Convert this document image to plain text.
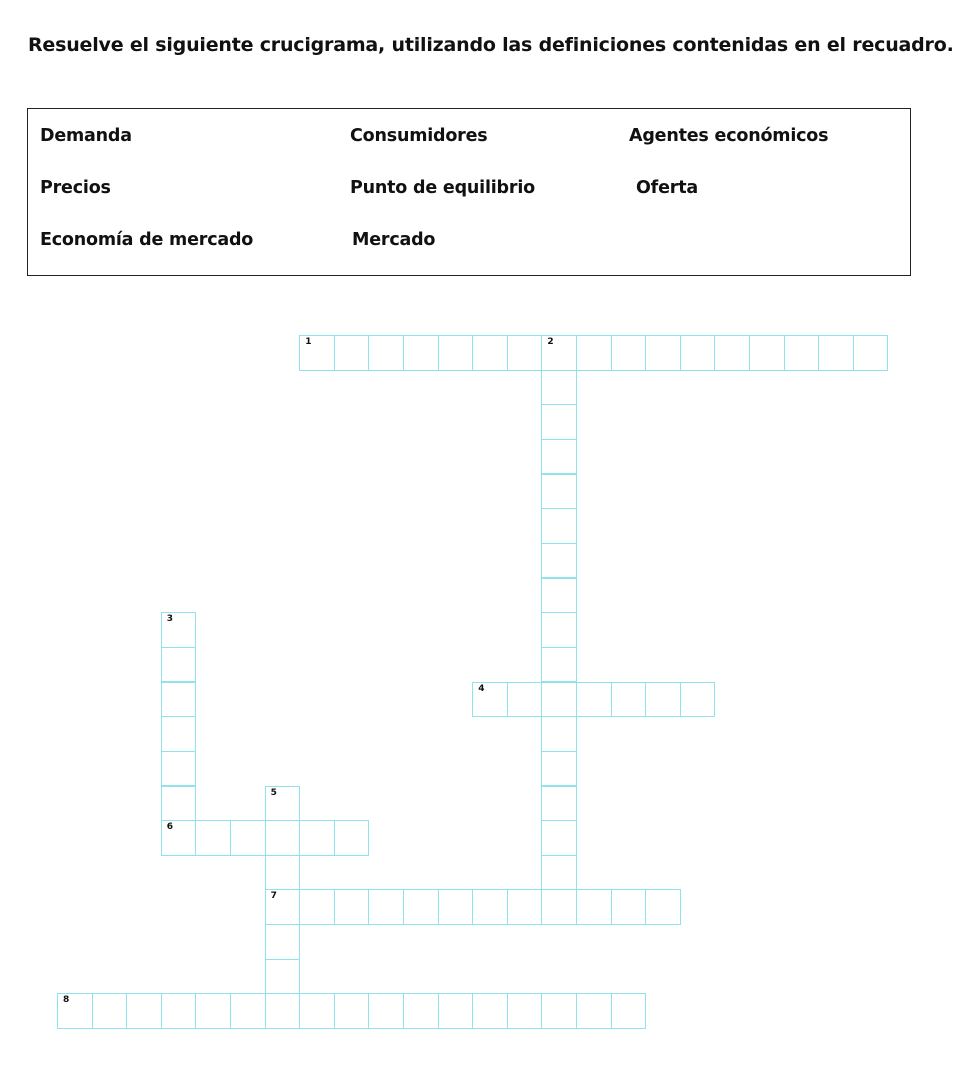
Resuelve el siguiente crucigrama, utilizando las definiciones contenidas en el recuadro.
Demanda	Consumidores	Agentes económicos
Precios	Punto de equilibrio	Oferta
Economía de mercado	Mercado
1	2
3
6
4
5
7
8
